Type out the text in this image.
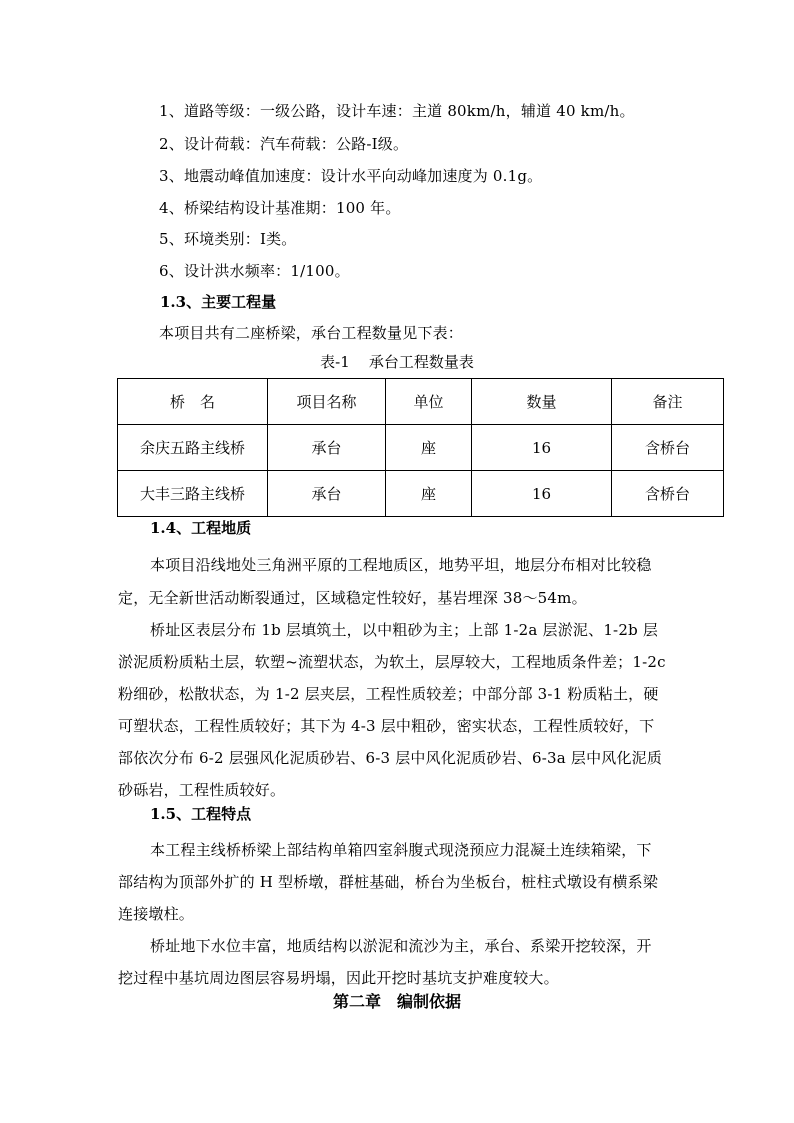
1、道路等级：一级公路，设计车速：主道 80km/h，辅道 40 km/h。
2、设计荷载：汽车荷载：公路-Ⅰ级。
3、地震动峰值加速度：设计水平向动峰加速度为 0.1g。
4、桥梁结构设计基准期：100 年。
5、环境类别：Ⅰ类。
6、设计洪水频率：1/100。
1.3、主要工程量
本项目共有二座桥梁，承台工程数量见下表：
表-1    承台工程数量表
桥　名	项目名称	单位	数量	备注
余庆五路主线桥	承台	座	16	含桥台
大丰三路主线桥	承台	座	16	含桥台
1.4、工程地质
本项目沿线地处三角洲平原的工程地质区，地势平坦，地层分布相对比较稳
定，无全新世活动断裂通过，区域稳定性较好，基岩埋深 38～54m。
桥址区表层分布 1b 层填筑土，以中粗砂为主；上部 1-2a 层淤泥、1-2b 层
淤泥质粉质粘土层，软塑~流塑状态，为软土，层厚较大，工程地质条件差；1-2c
粉细砂，松散状态，为 1-2 层夹层，工程性质较差；中部分部 3-1 粉质粘土，硬
可塑状态，工程性质较好；其下为 4-3 层中粗砂，密实状态，工程性质较好，下
部依次分布 6-2 层强风化泥质砂岩、6-3 层中风化泥质砂岩、6-3a 层中风化泥质
砂砾岩，工程性质较好。
1.5、工程特点
本工程主线桥桥梁上部结构单箱四室斜腹式现浇预应力混凝土连续箱梁，下
部结构为顶部外扩的 H 型桥墩，群桩基础，桥台为坐板台，桩柱式墩设有横系梁
连接墩柱。
桥址地下水位丰富，地质结构以淤泥和流沙为主，承台、系梁开挖较深，开
挖过程中基坑周边图层容易坍塌，因此开挖时基坑支护难度较大。
第二章　编制依据
